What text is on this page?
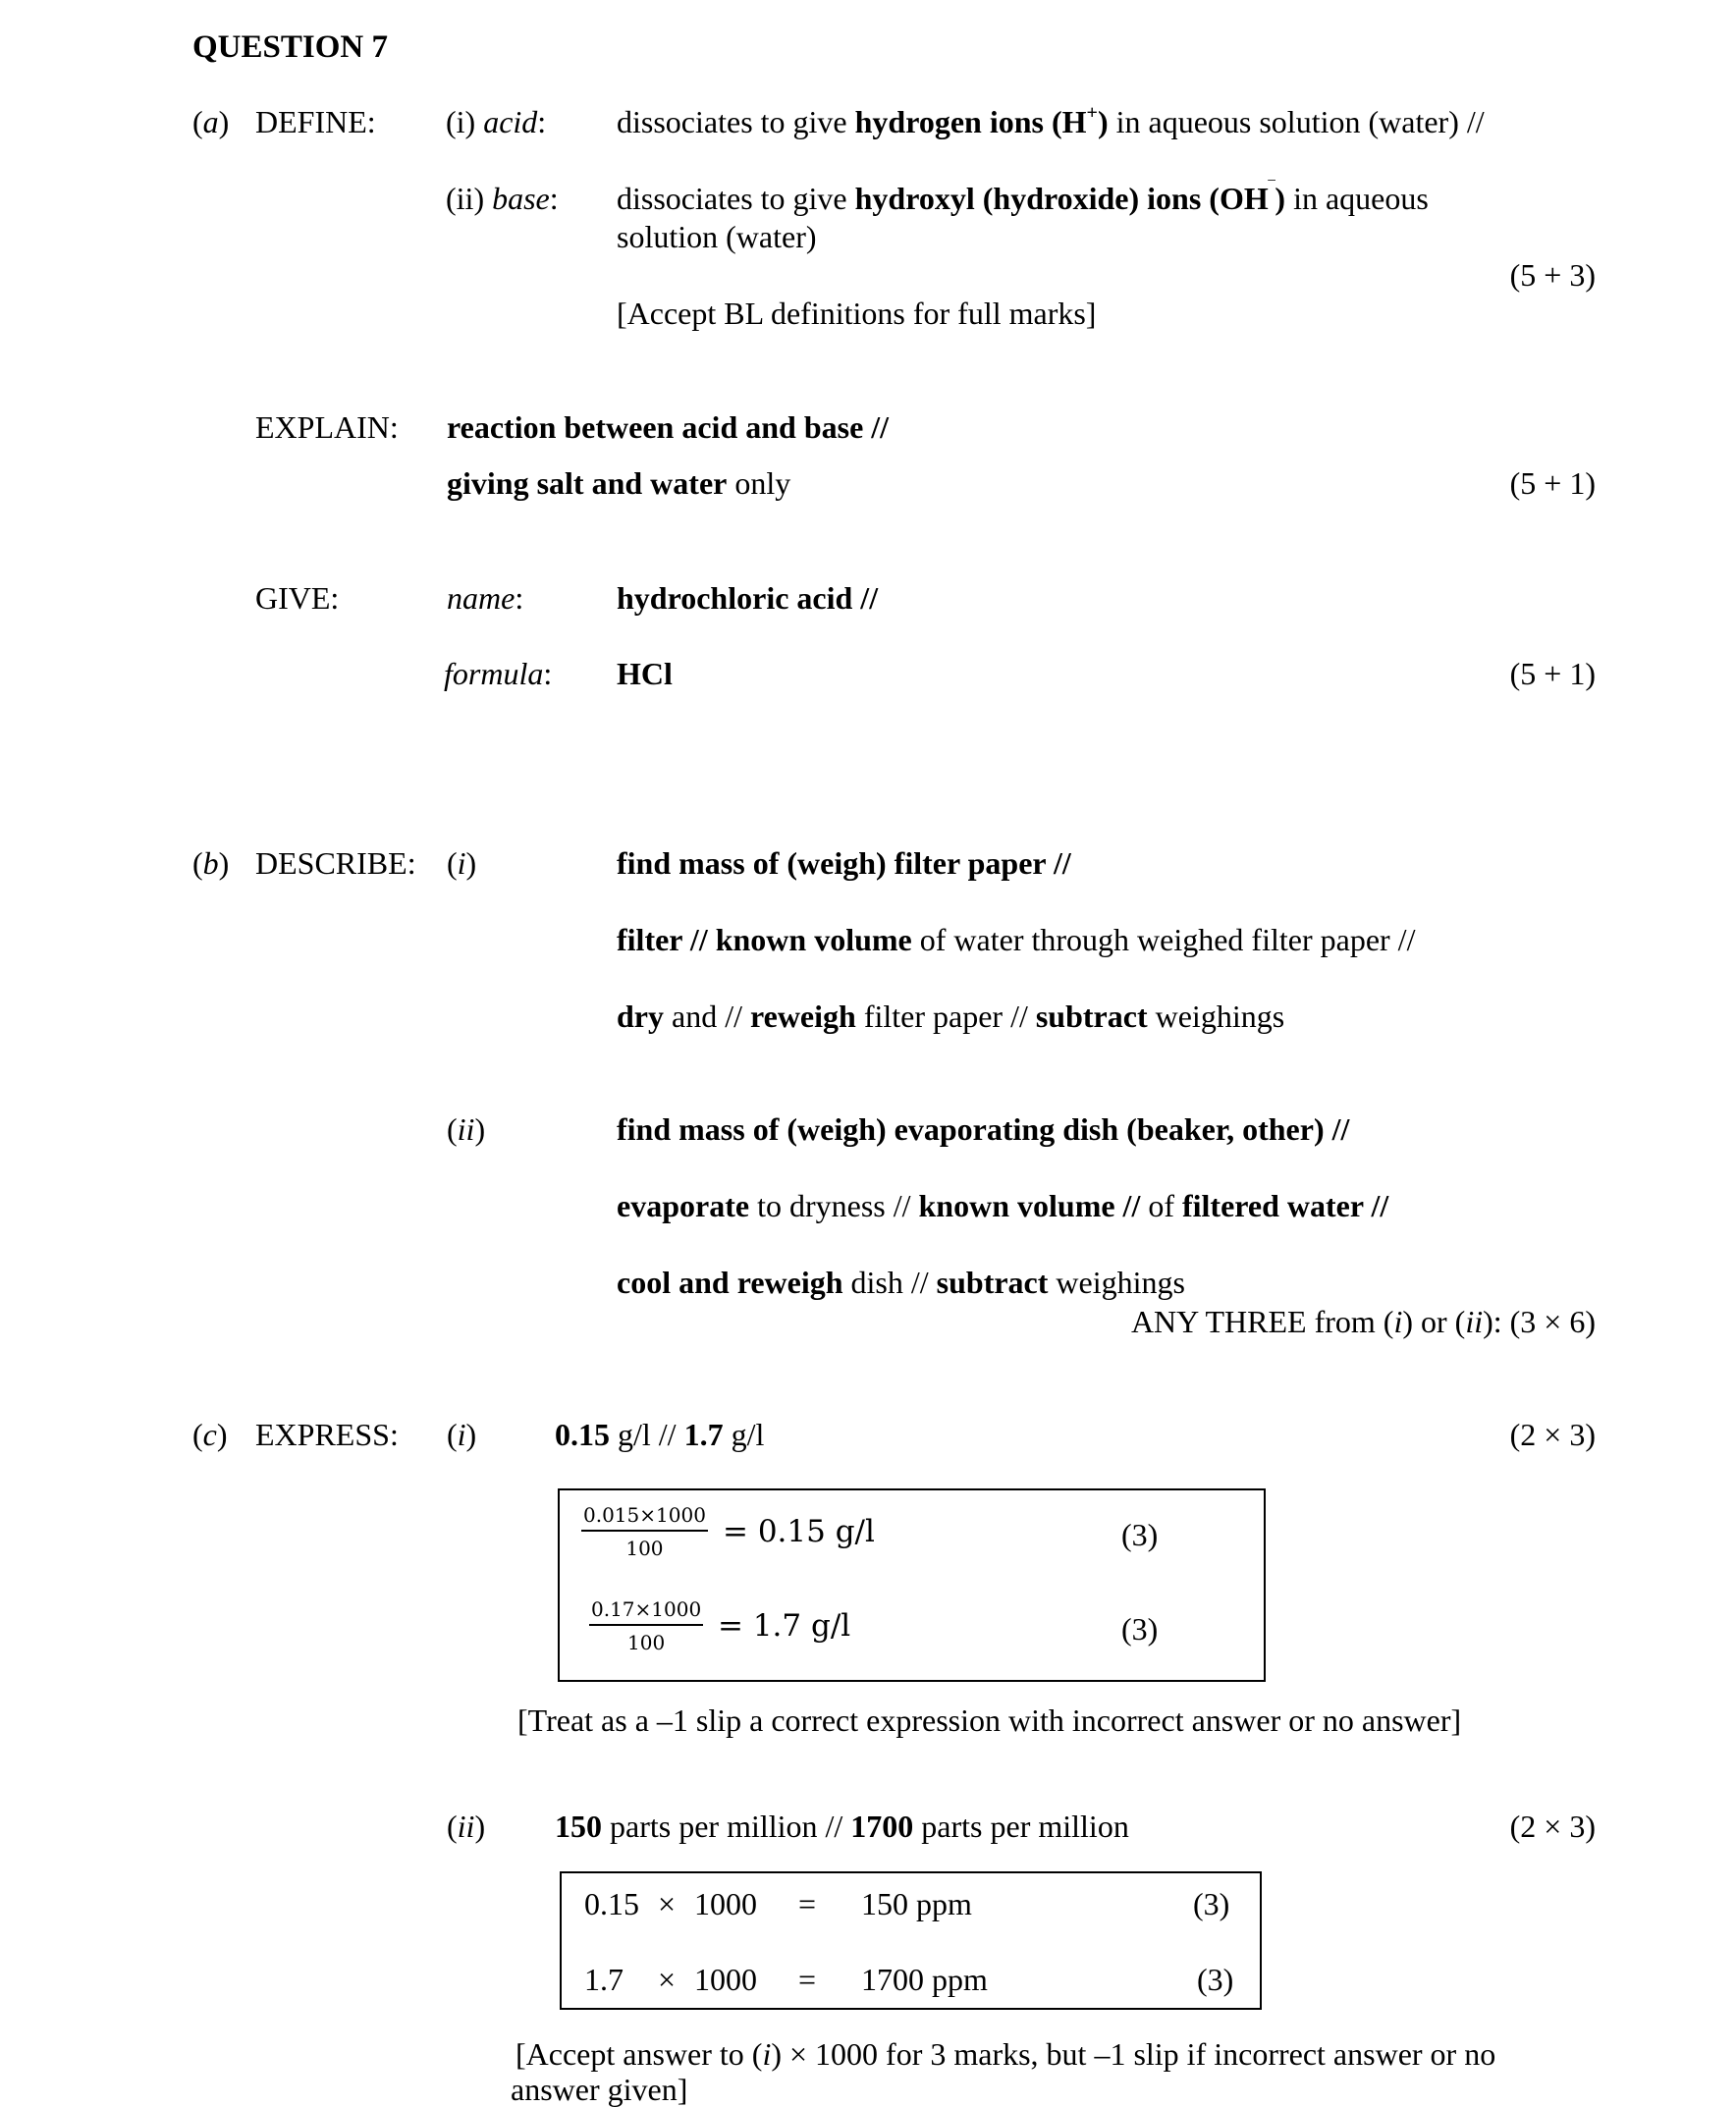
QUESTION 7
(a) DEFINE: (i) acid: dissociates to give hydrogen ions (H+) in aqueous solution (water) //
(ii) base: dissociates to give hydroxyl (hydroxide) ions (OH‾) in aqueous
solution (water)
(5 + 3)
[Accept BL definitions for full marks]
EXPLAIN: reaction between acid and base //
giving salt and water only	(5 + 1)
GIVE:	name:	hydrochloric acid //
formula: HCl	(5 + 1)
(b) DESCRIBE: (i)	find mass of (weigh) filter paper //
filter // known volume of water through weighed filter paper //
dry and // reweigh filter paper // subtract weighings
(ii)	find mass of (weigh) evaporating dish (beaker, other) //
evaporate to dryness // known volume // of filtered water //
cool and reweigh dish // subtract weighings
ANY THREE from (i) or (ii): (3 × 6)
(c) EXPRESS: (i) 0.15 g/l // 1.7 g/l	(2 × 3)
$\frac{0.015\times 1000}{100} = 0.15$ g/l	(3)
$\frac{0.17\times 1000}{100} = 1.7$ g/l	(3)
[Treat as a –1 slip a correct expression with incorrect answer or no answer]
(ii) 150 parts per million // 1700 parts per million	(2 × 3)
0.15 × 1000 = 150 ppm	(3)
1.7 × 1000 = 1700 ppm	(3)
[Accept answer to (i) × 1000 for 3 marks, but –1 slip if incorrect answer or no
answer given]
